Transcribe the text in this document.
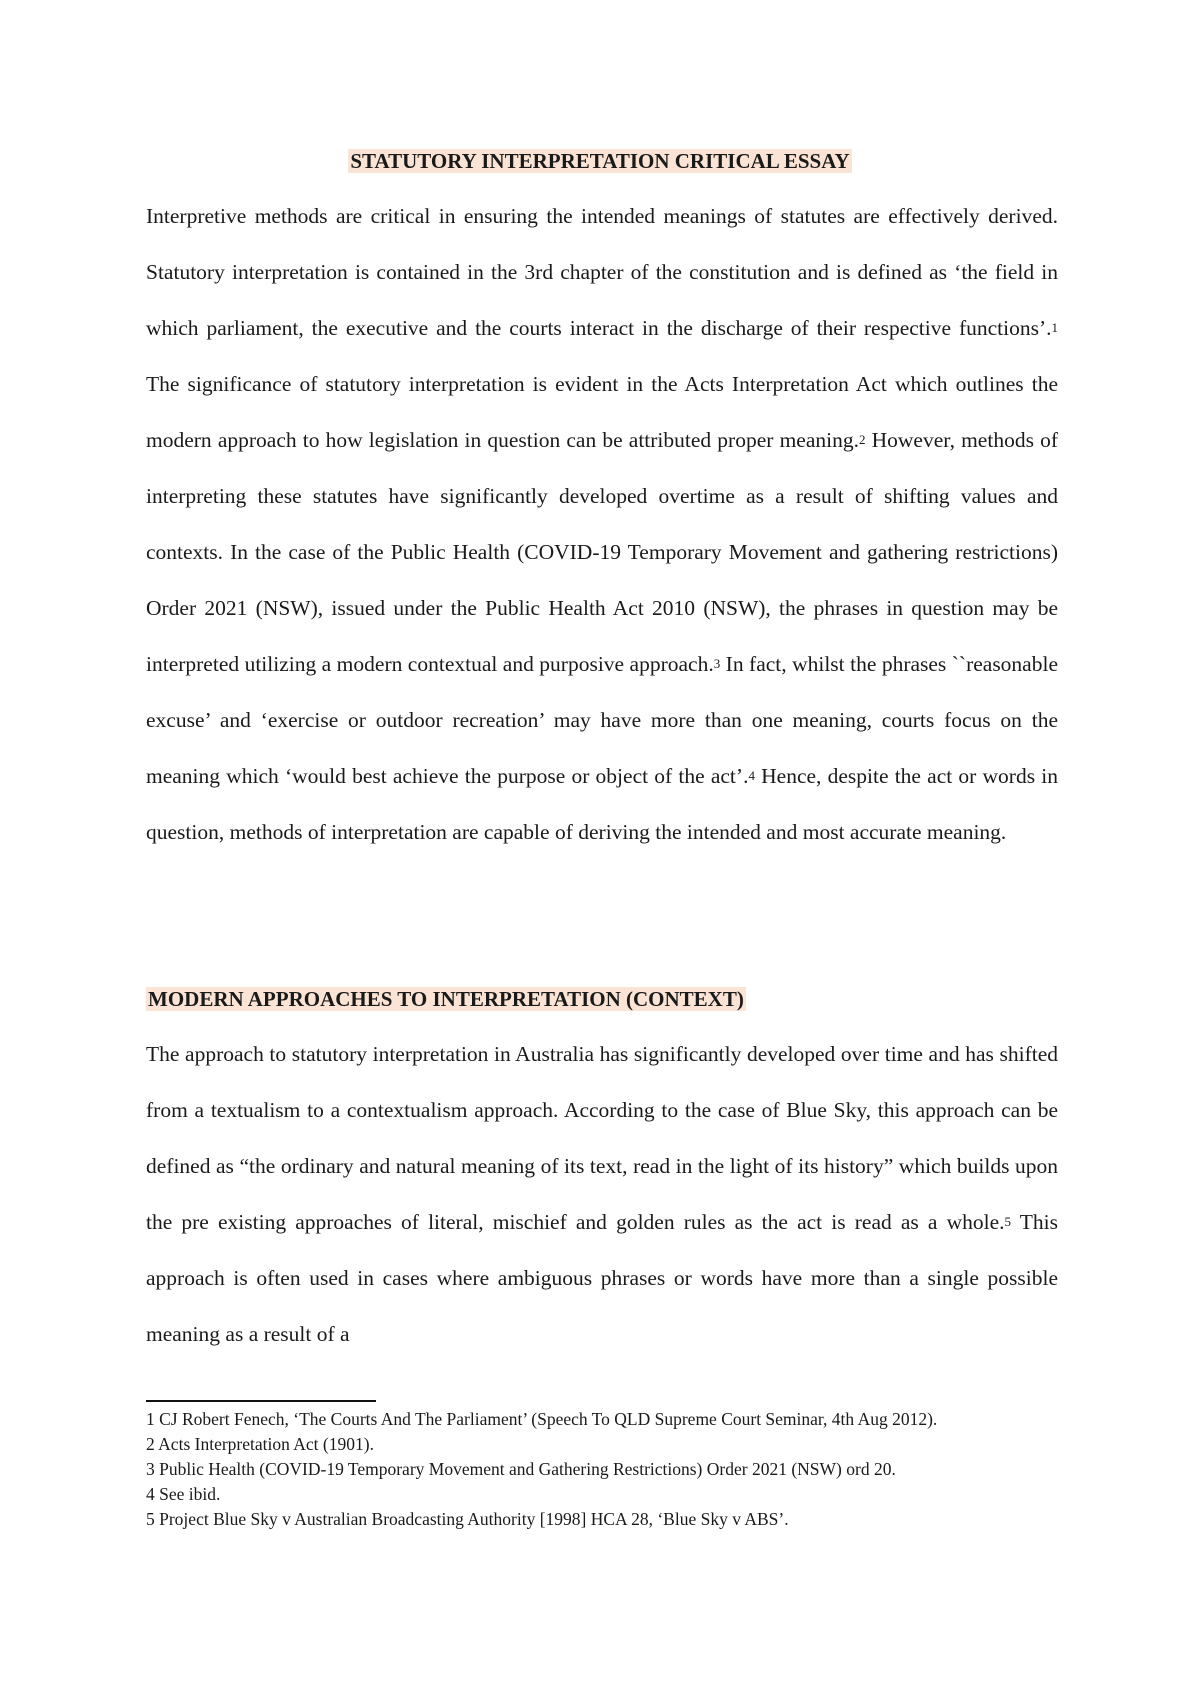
STATUTORY INTERPRETATION CRITICAL ESSAY

Interpretive methods are critical in ensuring the intended meanings of statutes are effectively derived. Statutory interpretation is contained in the 3rd chapter of the constitution and is defined as ‘the field in which parliament, the executive and the courts interact in the discharge of their respective functions’.$^1$ The significance of statutory interpretation is evident in the Acts Interpretation Act which outlines the modern approach to how legislation in question can be attributed proper meaning.$^2$ However, methods of interpreting these statutes have significantly developed overtime as a result of shifting values and contexts. In the case of the Public Health (COVID-19 Temporary Movement and gathering restrictions) Order 2021 (NSW), issued under the Public Health Act 2010 (NSW), the phrases in question may be interpreted utilizing a modern contextual and purposive approach.$^3$ In fact, whilst the phrases ``reasonable excuse’ and ‘exercise or outdoor recreation’ may have more than one meaning, courts focus on the meaning which ‘would best achieve the purpose or object of the act’.$^4$ Hence, despite the act or words in question, methods of interpretation are capable of deriving the intended and most accurate meaning.

MODERN APPROACHES TO INTERPRETATION (CONTEXT)

The approach to statutory interpretation in Australia has significantly developed over time and has shifted from a textualism to a contextualism approach. According to the case of Blue Sky, this approach can be defined as “the ordinary and natural meaning of its text, read in the light of its history” which builds upon the pre existing approaches of literal, mischief and golden rules as the act is read as a whole.$^5$ This approach is often used in cases where ambiguous phrases or words have more than a single possible meaning as a result of a

1 CJ Robert Fenech, ‘The Courts And The Parliament’ (Speech To QLD Supreme Court Seminar, 4th Aug 2012).

2 Acts Interpretation Act (1901).

3 Public Health (COVID-19 Temporary Movement and Gathering Restrictions) Order 2021 (NSW) ord 20.

4 See ibid.

5 Project Blue Sky v Australian Broadcasting Authority [1998] HCA 28, ‘Blue Sky v ABS’.
